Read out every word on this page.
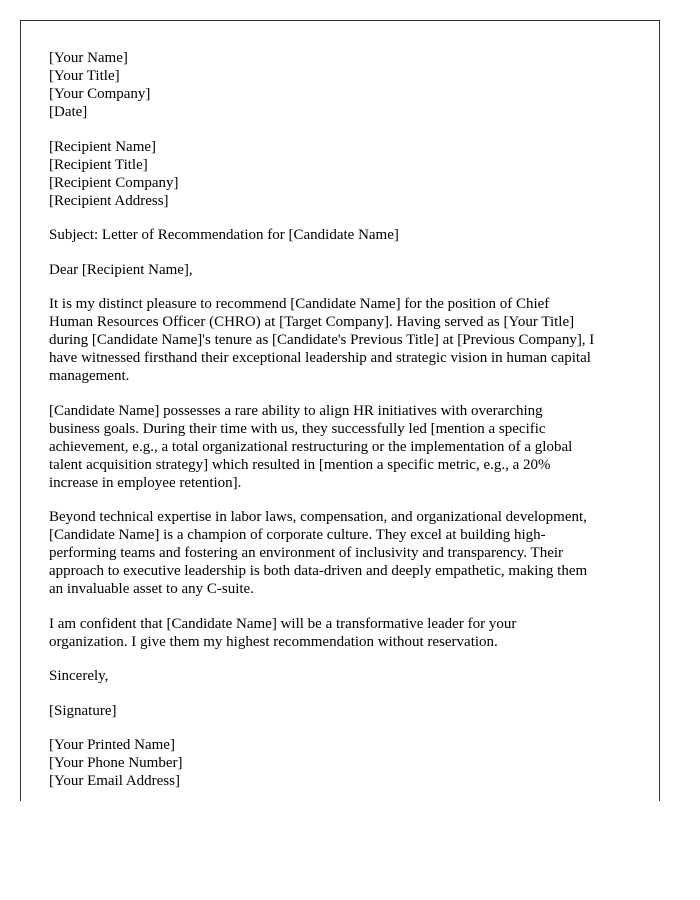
[Your Name]
[Your Title]
[Your Company]
[Date]
[Recipient Name]
[Recipient Title]
[Recipient Company]
[Recipient Address]
Subject: Letter of Recommendation for [Candidate Name]
Dear [Recipient Name],
It is my distinct pleasure to recommend [Candidate Name] for the position of Chief
Human Resources Officer (CHRO) at [Target Company]. Having served as [Your Title]
during [Candidate Name]'s tenure as [Candidate's Previous Title] at [Previous Company], I
have witnessed firsthand their exceptional leadership and strategic vision in human capital
management.
[Candidate Name] possesses a rare ability to align HR initiatives with overarching
business goals. During their time with us, they successfully led [mention a specific
achievement, e.g., a total organizational restructuring or the implementation of a global
talent acquisition strategy] which resulted in [mention a specific metric, e.g., a 20%
increase in employee retention].
Beyond technical expertise in labor laws, compensation, and organizational development,
[Candidate Name] is a champion of corporate culture. They excel at building high-
performing teams and fostering an environment of inclusivity and transparency. Their
approach to executive leadership is both data-driven and deeply empathetic, making them
an invaluable asset to any C-suite.
I am confident that [Candidate Name] will be a transformative leader for your
organization. I give them my highest recommendation without reservation.
Sincerely,
[Signature]
[Your Printed Name]
[Your Phone Number]
[Your Email Address]
